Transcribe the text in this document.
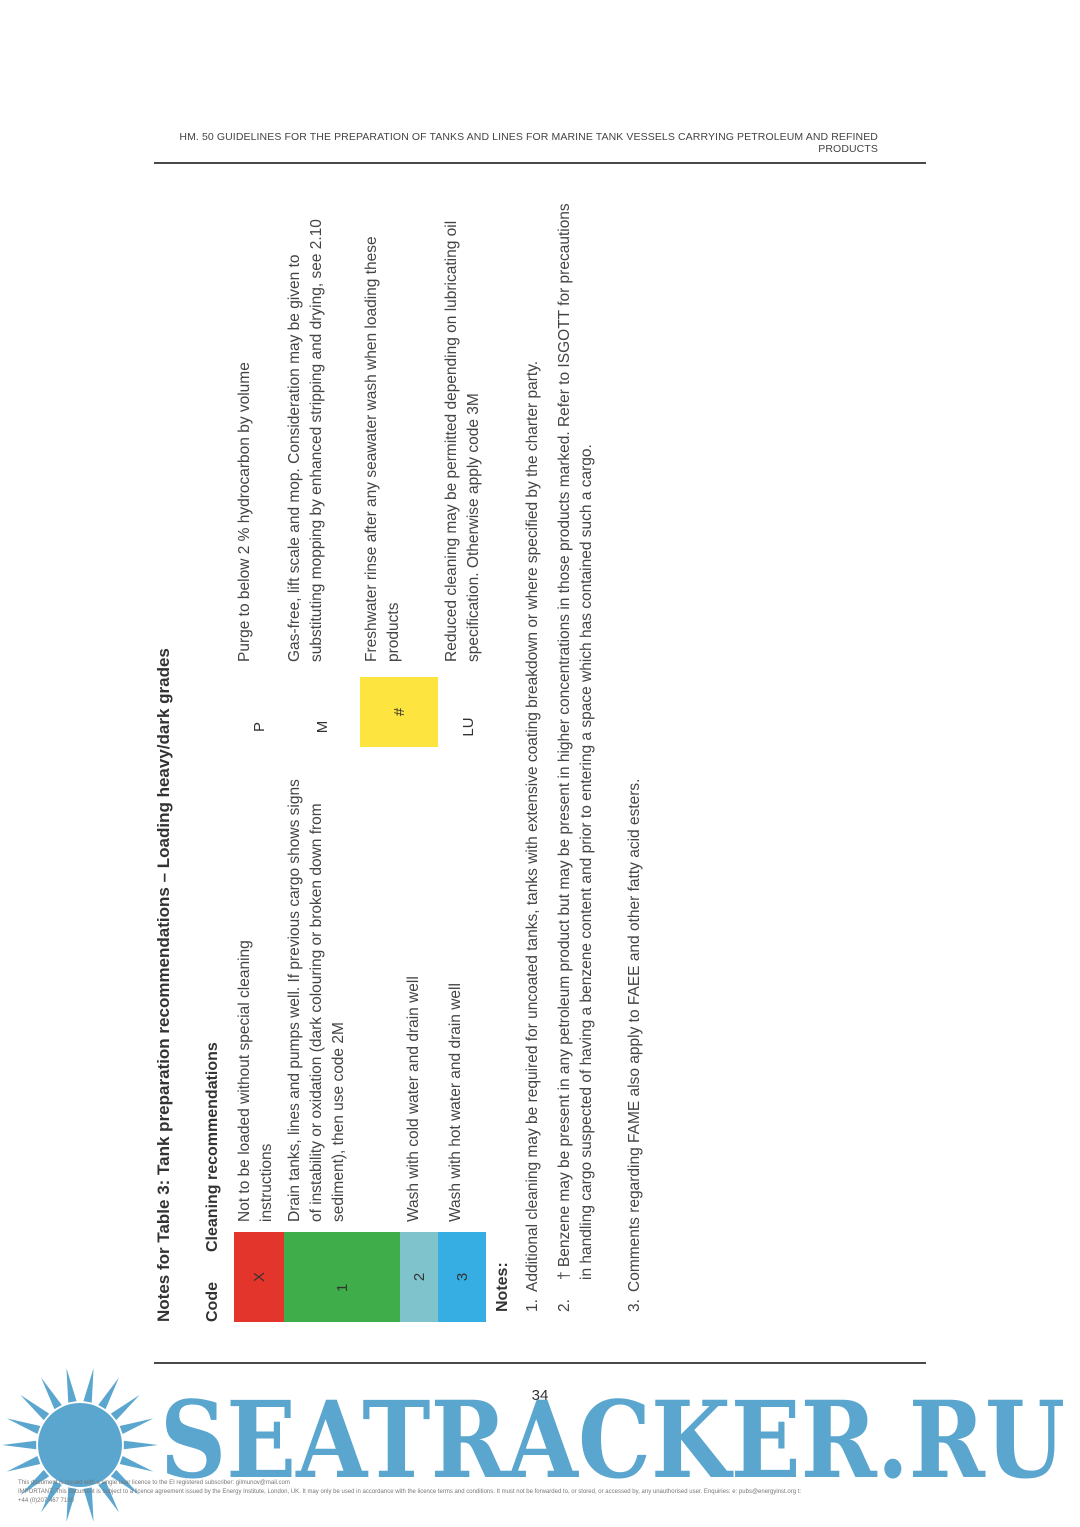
HM. 50 GUIDELINES FOR THE PREPARATION OF TANKS AND LINES FOR MARINE TANK VESSELS CARRYING PETROLEUM AND REFINED PRODUCTS
Notes for Table 3: Tank preparation recommendations – Loading heavy/dark grades Code
Cleaning recommendations
X
Not to be loaded without special cleaning instructions
1
Drain tanks, lines and pumps well. If previous cargo shows signs of instability or oxidation (dark colouring or broken down from sediment), then use code 2M
2
Wash with cold water and drain well
3
Wash with hot water and drain well
P
Purge to below 2 % hydrocarbon by volume
M
Gas-free, lift scale and mop. Consideration may be given to substituting mopping by enhanced stripping and drying, see 2.10
#
Freshwater rinse after any seawater wash when loading these products
LU
Reduced cleaning may be permitted depending on lubricating oil specification. Otherwise apply code 3M
Notes: 1.Additional cleaning may be required for uncoated tanks, tanks with extensive coating breakdown or where specified by the charter party.
2.
† Benzene may be present in any petroleum product but may be present in higher concentrations in those products marked. Refer to ISGOTT for precautions in handling cargo suspected of having a benzene content and prior to entering a space which has contained such a cargo.
3.Comments regarding FAME also apply to FAEE and other fatty acid esters.
34
SEATRACKER.RU
This document is issued with a single user licence to the EI registered subscriber: gilmunov@mail.com
IMPORTANT: This document is subject to a licence agreement issued by the Energy Institute, London, UK. It may only be used in accordance with the licence terms and conditions. It must not be forwarded to, or stored, or accessed by, any unauthorised user. Enquiries: e: pubs@energyinst.org t:
+44 (0)207 467 7100
